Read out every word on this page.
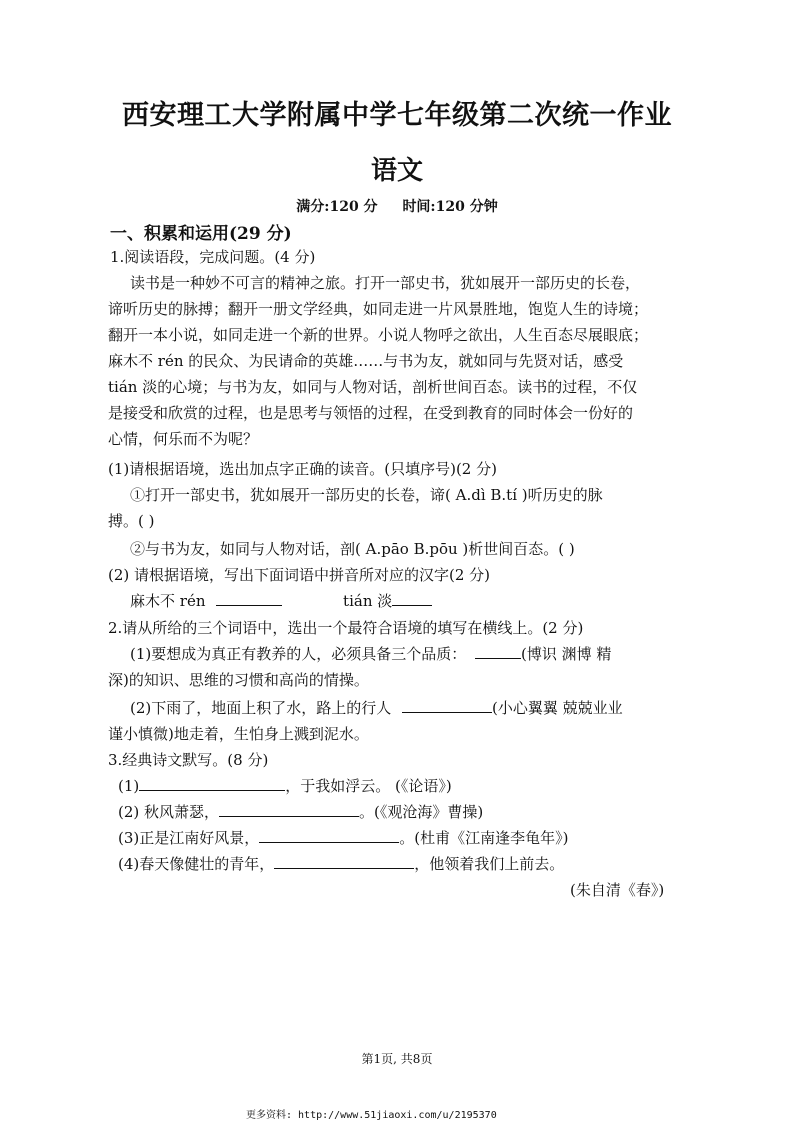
西安理工大学附属中学七年级第二次统一作业
语文
满分:120 分 时间:120 分钟
一、积累和运用(29 分)
1.阅读语段，完成问题。(4 分)
读书是一种妙不可言的精神之旅。打开一部史书，犹如展开一部历史的长卷，
谛听历史的脉搏；翻开一册文学经典，如同走进一片风景胜地，饱览人生的诗境；
翻开一本小说，如同走进一个新的世界。小说人物呼之欲出，人生百态尽展眼底；
麻木不 rén 的民众、为民请命的英雄……与书为友，就如同与先贤对话，感受
tián 淡的心境；与书为友，如同与人物对话，剖析世间百态。读书的过程，不仅
是接受和欣赏的过程，也是思考与领悟的过程，在受到教育的同时体会一份好的
心情，何乐而不为呢？
(1)请根据语境，选出加点字正确的读音。(只填序号)(2 分)
①打开一部史书，犹如展开一部历史的长卷，谛( A.dì B.tí )听历史的脉
搏。( )
②与书为友，如同与人物对话，剖( A.pāo B.pōu )析世间百态。( )
(2) 请根据语境，写出下面词语中拼音所对应的汉字(2 分)
麻木不 rén	tián 淡
2.请从所给的三个词语中，选出一个最符合语境的填写在横线上。(2 分)
(1)要想成为真正有教养的人，必须具备三个品质：	(博识 渊博 精
深)的知识、思维的习惯和高尚的情操。
(2)下雨了，地面上积了水，路上的行人	(小心翼翼 兢兢业业
谨小慎微)地走着，生怕身上溅到泥水。
3.经典诗文默写。(8 分)
(1)	，于我如浮云。 (《论语》)
(2) 秋风萧瑟，	。(《观沧海》曹操)
(3)正是江南好风景，	。(杜甫《江南逢李龟年》)
(4)春天像健壮的青年，	，他领着我们上前去。
(朱自清《春》)
第1页, 共8页
更多资料: http://www.51jiaoxi.com/u/2195370
